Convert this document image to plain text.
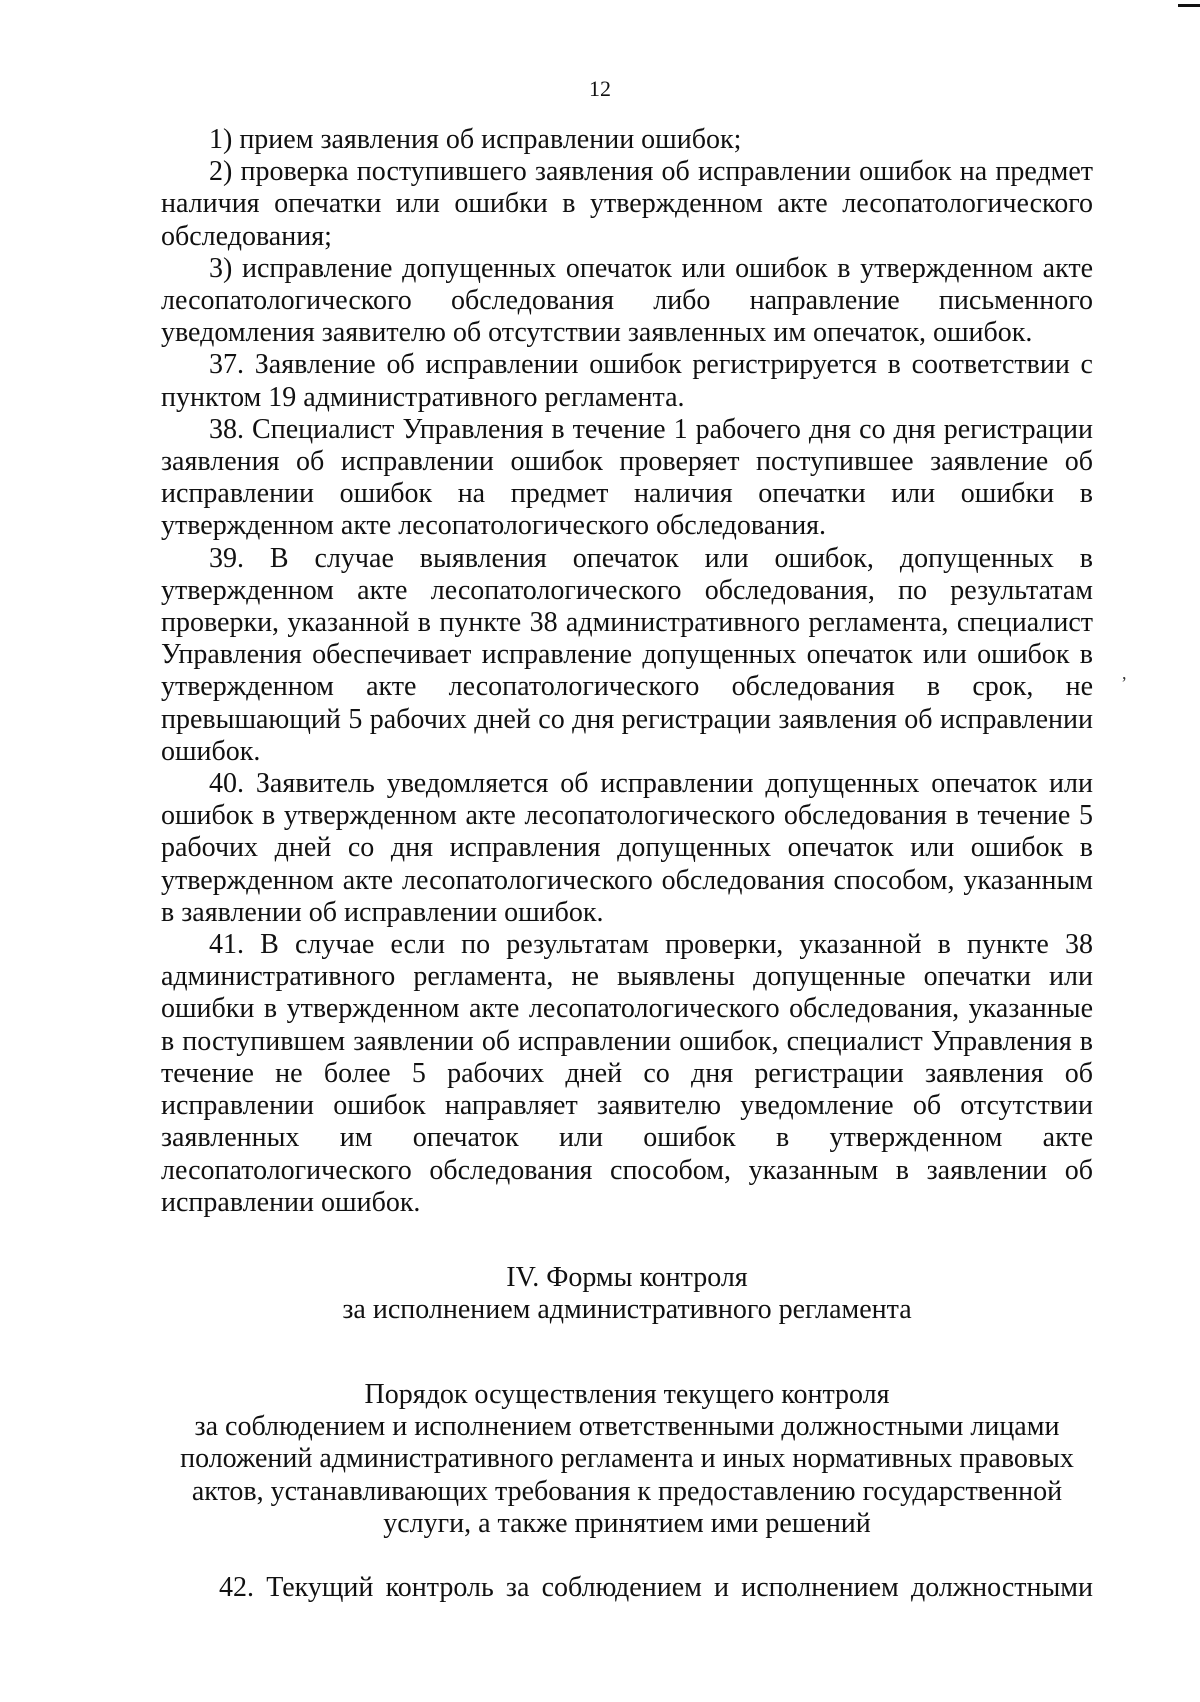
12

1) прием заявления об исправлении ошибок;

2) проверка поступившего заявления об исправлении ошибок на предмет наличия опечатки или ошибки в утвержденном акте лесопатологического обследования;

3) исправление допущенных опечаток или ошибок в утвержденном акте лесопатологического обследования либо направление письменного уведомления заявителю об отсутствии заявленных им опечаток, ошибок.

37. Заявление об исправлении ошибок регистрируется в соответствии с пунктом 19 административного регламента.

38. Специалист Управления в течение 1 рабочего дня со дня регистрации заявления об исправлении ошибок проверяет поступившее заявление об исправлении ошибок на предмет наличия опечатки или ошибки в утвержденном акте лесопатологического обследования.

39. В случае выявления опечаток или ошибок, допущенных в утвержденном акте лесопатологического обследования, по результатам проверки, указанной в пункте 38 административного регламента, специалист Управления обеспечивает исправление допущенных опечаток или ошибок в утвержденном акте лесопатологического обследования в срок, не превышающий 5 рабочих дней со дня регистрации заявления об исправлении ошибок.

40. Заявитель уведомляется об исправлении допущенных опечаток или ошибок в утвержденном акте лесопатологического обследования в течение 5 рабочих дней со дня исправления допущенных опечаток или ошибок в утвержденном акте лесопатологического обследования способом, указанным в заявлении об исправлении ошибок.

41. В случае если по результатам проверки, указанной в пункте 38 административного регламента, не выявлены допущенные опечатки или ошибки в утвержденном акте лесопатологического обследования, указанные в поступившем заявлении об исправлении ошибок, специалист Управления в течение не более 5 рабочих дней со дня регистрации заявления об исправлении ошибок направляет заявителю уведомление об отсутствии заявленных им опечаток или ошибок в утвержденном акте лесопатологического обследования способом, указанным в заявлении об исправлении ошибок.

,
IV. Формы контроля
за исполнением административного регламента
Порядок осуществления текущего контроля
за соблюдением и исполнением ответственными должностными лицами
положений административного регламента и иных нормативных правовых
актов, устанавливающих требования к предоставлению государственной
услуги, а также принятием ими решений

42. Текущий контроль за соблюдением и исполнением должностными
